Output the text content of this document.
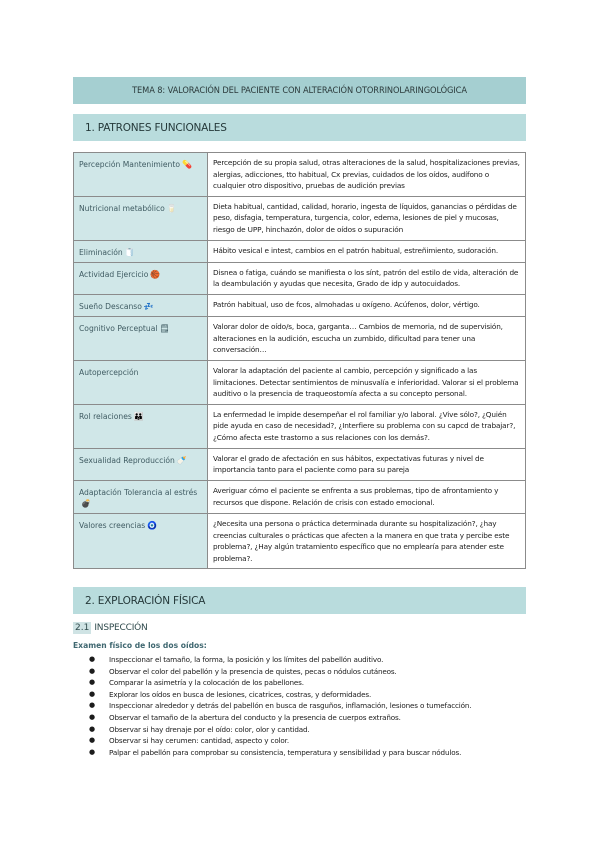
TEMA 8: VALORACIÓN DEL PACIENTE CON ALTERACIÓN OTORRINOLARINGOLÓGICA
1. PATRONES FUNCIONALES
Percepción Mantenimiento 💊	Percepción de su propia salud, otras alteraciones de la salud, hospitalizaciones previas, alergias, adicciones, tto habitual, Cx previas, cuidados de los oídos, audífono o cualquier otro dispositivo, pruebas de audición previas

Nutricional metabólico 🥛	Dieta habitual, cantidad, calidad, horario, ingesta de líquidos, ganancias o pérdidas de peso, disfagia, temperatura, turgencia, color, edema, lesiones de piel y mucosas, riesgo de UPP, hinchazón, dolor de oídos o supuración

Eliminación 🧻	Hábito vesical e intest, cambios en el patrón habitual, estreñimiento, sudoración.

Actividad Ejercicio 🏀	Disnea o fatiga, cuándo se manifiesta o los sínt, patrón del estilo de vida, alteración de la deambulación y ayudas que necesita, Grado de idp y autocuidados.

Sueño Descanso 💤	Patrón habitual, uso de fcos, almohadas u oxígeno. Acúfenos, dolor, vértigo.

Cognitivo Perceptual 🗒	Valorar dolor de oído/s, boca, garganta… Cambios de memoria, nd de supervisión, alteraciones en la audición, escucha un zumbido, dificultad para tener una conversación…

Autopercepción	Valorar la adaptación del paciente al cambio, percepción y significado a las limitaciones. Detectar sentimientos de minusvalía e inferioridad. Valorar si el problema auditivo o la presencia de traqueostomía afecta a su concepto personal.

Rol relaciones 👪	La enfermedad le impide desempeñar el rol familiar y/o laboral. ¿Vive sólo?, ¿Quién pide ayuda en caso de necesidad?, ¿Interfiere su problema con su capcd de trabajar?, ¿Cómo afecta este trastorno a sus relaciones con los demás?.

Sexualidad Reproducción 🍼	Valorar el grado de afectación en sus hábitos, expectativas futuras y nivel de importancia tanto para el paciente como para su pareja

Adaptación Tolerancia al estrés💣	Averiguar cómo el paciente se enfrenta a sus problemas, tipo de afrontamiento y recursos que dispone. Relación de crisis con estado emocional.

Valores creencias 🧿	¿Necesita una persona o práctica determinada durante su hospitalización?, ¿hay creencias culturales o prácticas que afecten a la manera en que trata y percibe este problema?, ¿Hay algún tratamiento específico que no emplearía para atender este problema?.
2. EXPLORACIÓN FÍSICA
2.1 INSPECCIÓN
Examen físico de los dos oídos:
● Inspeccionar el tamaño, la forma, la posición y los límites del pabellón auditivo.
● Observar el color del pabellón y la presencia de quistes, pecas o nódulos cutáneos.
● Comparar la asimetría y la colocación de los pabellones.
● Explorar los oídos en busca de lesiones, cicatrices, costras, y deformidades.
● Inspeccionar alrededor y detrás del pabellón en busca de rasguños, inflamación, lesiones o tumefacción.
● Observar el tamaño de la abertura del conducto y la presencia de cuerpos extraños.
● Observar si hay drenaje por el oído: color, olor y cantidad.
● Observar si hay cerumen: cantidad, aspecto y color.
● Palpar el pabellón para comprobar su consistencia, temperatura y sensibilidad y para buscar nódulos.
